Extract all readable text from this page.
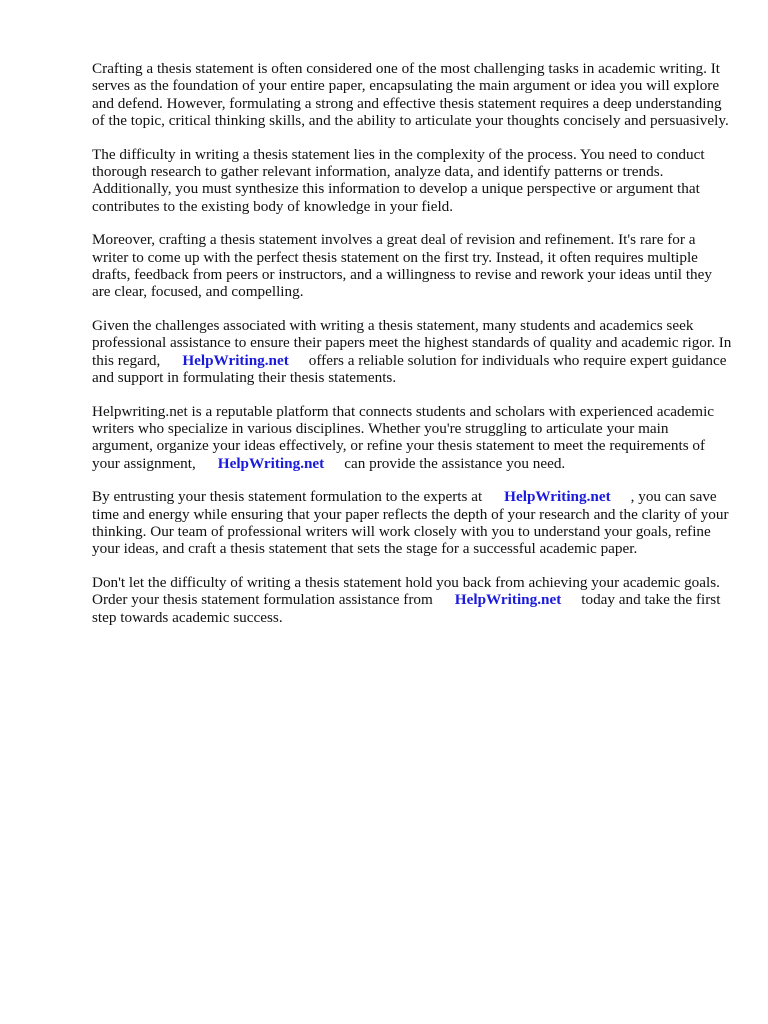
Crafting a thesis statement is often considered one of the most challenging tasks in academic writing. It serves as the foundation of your entire paper, encapsulating the main argument or idea you will explore and defend. However, formulating a strong and effective thesis statement requires a deep understanding of the topic, critical thinking skills, and the ability to articulate your thoughts concisely and persuasively.

The difficulty in writing a thesis statement lies in the complexity of the process. You need to conduct thorough research to gather relevant information, analyze data, and identify patterns or trends. Additionally, you must synthesize this information to develop a unique perspective or argument that contributes to the existing body of knowledge in your field.

Moreover, crafting a thesis statement involves a great deal of revision and refinement. It's rare for a writer to come up with the perfect thesis statement on the first try. Instead, it often requires multiple drafts, feedback from peers or instructors, and a willingness to revise and rework your ideas until they are clear, focused, and compelling.

Given the challenges associated with writing a thesis statement, many students and academics seek professional assistance to ensure their papers meet the highest standards of quality and academic rigor. In this regard, HelpWriting.net offers a reliable solution for individuals who require expert guidance and support in formulating their thesis statements.

Helpwriting.net is a reputable platform that connects students and scholars with experienced academic writers who specialize in various disciplines. Whether you're struggling to articulate your main argument, organize your ideas effectively, or refine your thesis statement to meet the requirements of your assignment, HelpWriting.net can provide the assistance you need.

By entrusting your thesis statement formulation to the experts at HelpWriting.net , you can save time and energy while ensuring that your paper reflects the depth of your research and the clarity of your thinking. Our team of professional writers will work closely with you to understand your goals, refine your ideas, and craft a thesis statement that sets the stage for a successful academic paper.

Don't let the difficulty of writing a thesis statement hold you back from achieving your academic goals. Order your thesis statement formulation assistance from HelpWriting.net today and take the first step towards academic success.
